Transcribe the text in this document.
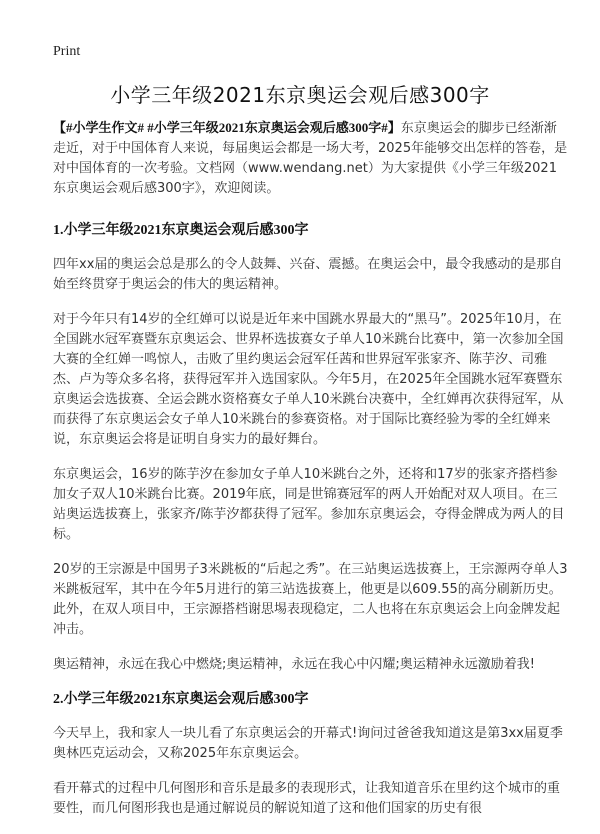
Print
小学三年级2021东京奥运会观后感300字

【#小学生作文# #小学三年级2021东京奥运会观后感300字#】东京奥运会的脚步已经渐渐走近，对于中国体育人来说，每届奥运会都是一场大考，2025年能够交出怎样的答卷，是对中国体育的一次考验。文档网（www.wendang.net）为大家提供《小学三年级2021东京奥运会观后感300字》，欢迎阅读。

1.小学三年级2021东京奥运会观后感300字

四年xx届的奥运会总是那么的令人鼓舞、兴奋、震撼。在奥运会中，最令我感动的是那自始至终贯穿于奥运会的伟大的奥运精神。

对于今年只有14岁的全红婵可以说是近年来中国跳水界最大的“黑马”。2025年10月，在全国跳水冠军赛暨东京奥运会、世界杯选拔赛女子单人10米跳台比赛中，第一次参加全国大赛的全红婵一鸣惊人，击败了里约奥运会冠军任茜和世界冠军张家齐、陈芋汐、司雅杰、卢为等众多名将，获得冠军并入选国家队。今年5月，在2025年全国跳水冠军赛暨东京奥运会选拔赛、全运会跳水资格赛女子单人10米跳台决赛中，全红婵再次获得冠军，从而获得了东京奥运会女子单人10米跳台的参赛资格。对于国际比赛经验为零的全红婵来说，东京奥运会将是证明自身实力的最好舞台。

东京奥运会，16岁的陈芋汐在参加女子单人10米跳台之外，还将和17岁的张家齐搭档参加女子双人10米跳台比赛。2019年底，同是世锦赛冠军的两人开始配对双人项目。在三站奥运选拔赛上，张家齐/陈芋汐都获得了冠军。参加东京奥运会，夺得金牌成为两人的目标。

20岁的王宗源是中国男子3米跳板的“后起之秀”。在三站奥运选拔赛上，王宗源两夺单人3米跳板冠军，其中在今年5月进行的第三站选拔赛上，他更是以609.55的高分刷新历史。此外，在双人项目中，王宗源搭档谢思埸表现稳定，二人也将在东京奥运会上向金牌发起冲击。

奥运精神，永远在我心中燃烧;奥运精神，永远在我心中闪耀;奥运精神永远激励着我!

2.小学三年级2021东京奥运会观后感300字

今天早上，我和家人一块儿看了东京奥运会的开幕式!询问过爸爸我知道这是第3xx届夏季奥林匹克运动会，又称2025年东京奥运会。

看开幕式的过程中几何图形和音乐是最多的表现形式，让我知道音乐在里约这个城市的重要性，而几何图形我也是通过解说员的解说知道了这和他们国家的历史有很
